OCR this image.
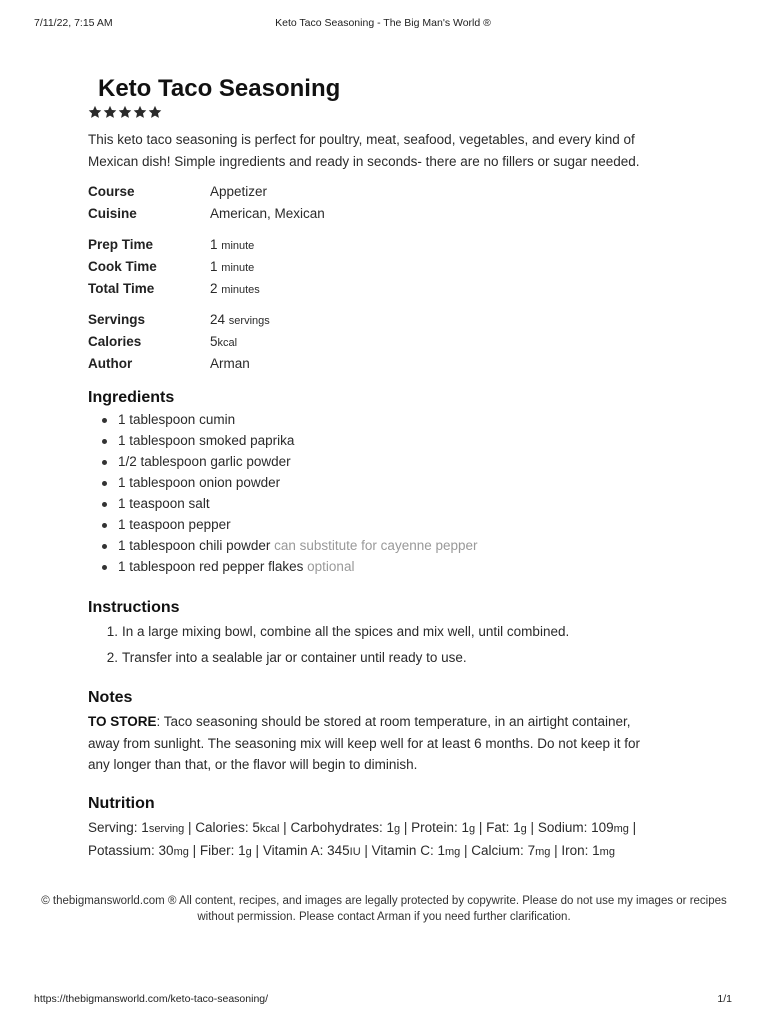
7/11/22, 7:15 AM	Keto Taco Seasoning - The Big Man's World ®
Keto Taco Seasoning
This keto taco seasoning is perfect for poultry, meat, seafood, vegetables, and every kind of Mexican dish! Simple ingredients and ready in seconds- there are no fillers or sugar needed.
Course	Appetizer
Cuisine	American, Mexican
Prep Time	1 minute
Cook Time	1 minute
Total Time	2 minutes
Servings	24 servings
Calories	5kcal
Author	Arman
Ingredients
1 tablespoon cumin
1 tablespoon smoked paprika
1/2 tablespoon garlic powder
1 tablespoon onion powder
1 teaspoon salt
1 teaspoon pepper
1 tablespoon chili powder can substitute for cayenne pepper
1 tablespoon red pepper flakes optional
Instructions
1. In a large mixing bowl, combine all the spices and mix well, until combined.
2. Transfer into a sealable jar or container until ready to use.
Notes
TO STORE: Taco seasoning should be stored at room temperature, in an airtight container, away from sunlight. The seasoning mix will keep well for at least 6 months. Do not keep it for any longer than that, or the flavor will begin to diminish.
Nutrition
Serving: 1serving | Calories: 5kcal | Carbohydrates: 1g | Protein: 1g | Fat: 1g | Sodium: 109mg | Potassium: 30mg | Fiber: 1g | Vitamin A: 345IU | Vitamin C: 1mg | Calcium: 7mg | Iron: 1mg
© thebigmansworld.com ® All content, recipes, and images are legally protected by copywrite. Please do not use my images or recipes without permission. Please contact Arman if you need further clarification.
https://thebigmansworld.com/keto-taco-seasoning/	1/1
